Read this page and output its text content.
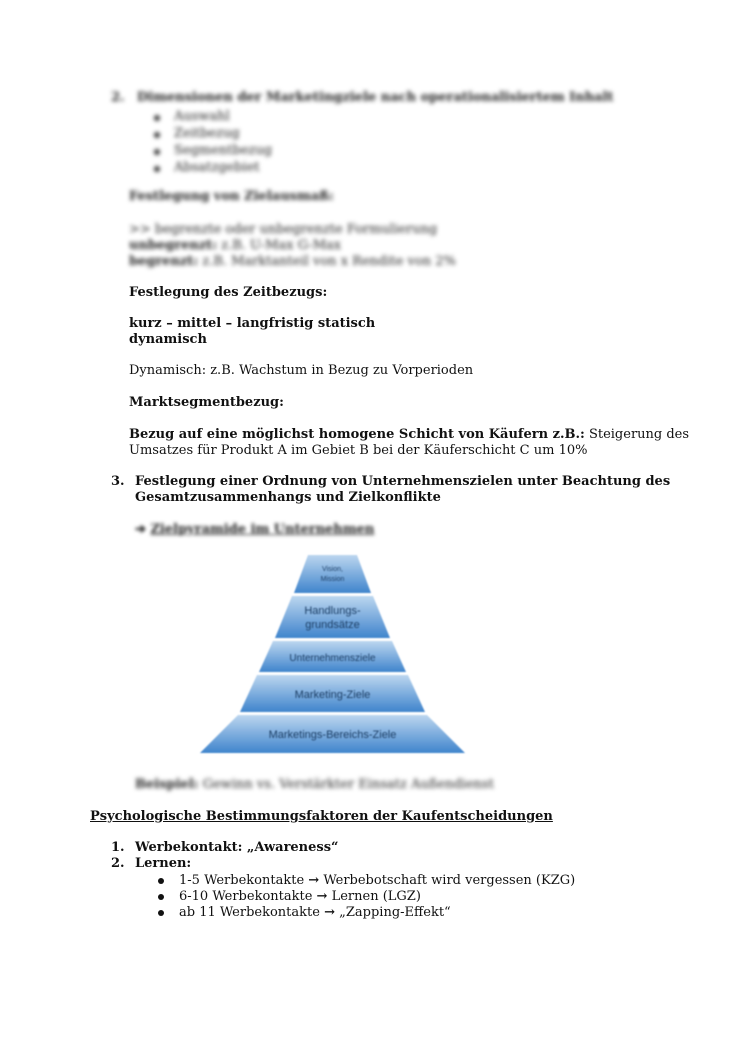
2. Dimensionen der Marketingziele nach operationalisiertem Inhalt
Auswahl
Zeitbezug
Segmentbezug
Absatzgebiet
Festlegung von Zielausmaß:
>> begrenzte oder unbegrenzte Formulierung
unbegrenzt: z.B. U-Max G-Max
begrenzt: z.B. Marktanteil von x Rendite von 2%
Festlegung des Zeitbezugs:
kurz – mittel – langfristig statisch
dynamisch
Dynamisch: z.B. Wachstum in Bezug zu Vorperioden
Marktsegmentbezug:
Bezug auf eine möglichst homogene Schicht von Käufern z.B.: Steigerung des
Umsatzes für Produkt A im Gebiet B bei der Käuferschicht C um 10%
3. Festlegung einer Ordnung von Unternehmenszielen unter Beachtung des
Gesamtzusammenhangs und Zielkonflikte
➔ Zielpyramide im Unternehmen
Vision,
Mission
Handlungs-
grundsätze
Unternehmensziele
Marketing-Ziele
Marketings-Bereichs-Ziele
Beispiel: Gewinn vs. Verstärkter Einsatz Außendienst
Psychologische Bestimmungsfaktoren der Kaufentscheidungen
1. Werbekontakt: „Awareness“
2. Lernen:
1-5 Werbekontakte → Werbebotschaft wird vergessen (KZG)
6-10 Werbekontakte → Lernen (LGZ)
ab 11 Werbekontakte → „Zapping-Effekt“
